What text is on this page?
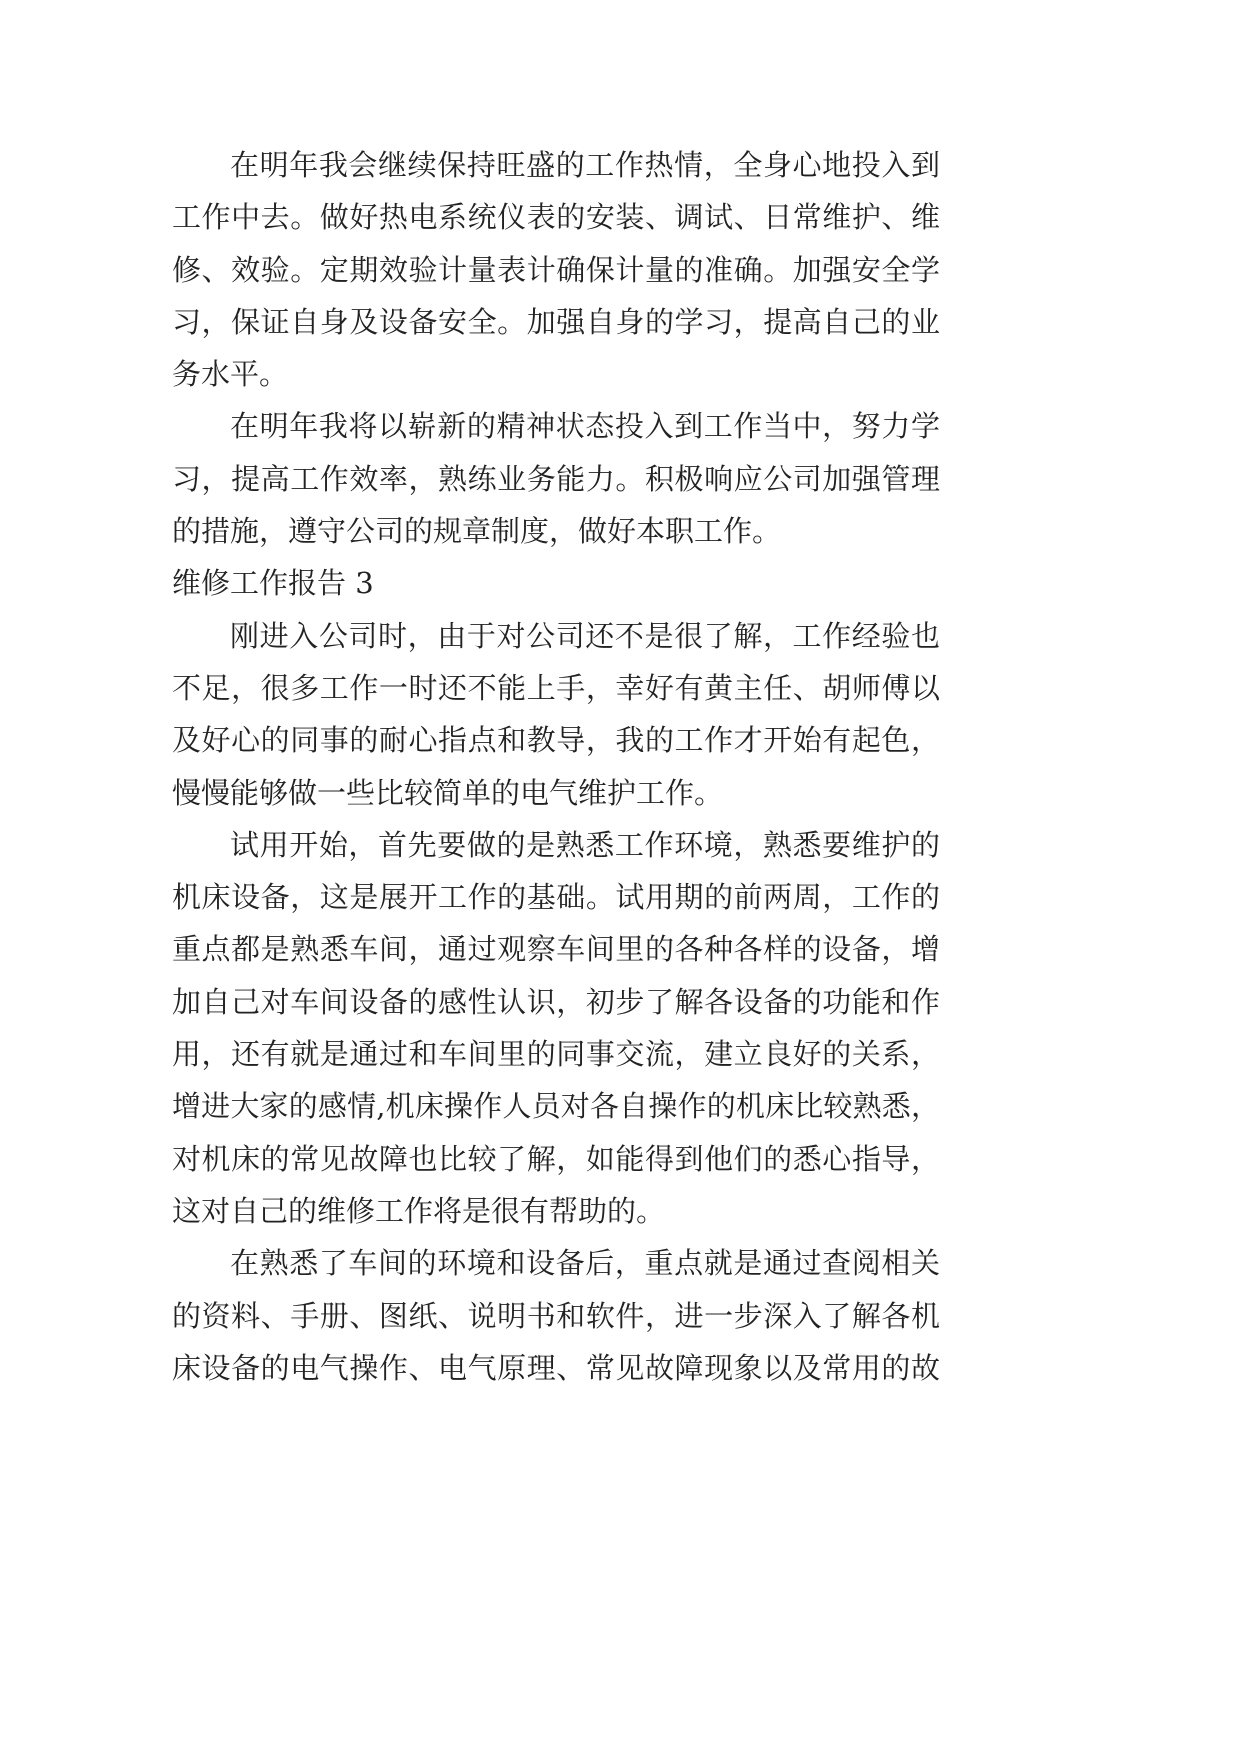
在明年我会继续保持旺盛的工作热情，全身心地投入到
工作中去。做好热电系统仪表的安装、调试、日常维护、维
修、效验。定期效验计量表计确保计量的准确。加强安全学
习，保证自身及设备安全。加强自身的学习，提高自己的业
务水平。
在明年我将以崭新的精神状态投入到工作当中，努力学
习，提高工作效率，熟练业务能力。积极响应公司加强管理
的措施，遵守公司的规章制度，做好本职工作。
维修工作报告 3
刚进入公司时，由于对公司还不是很了解，工作经验也
不足，很多工作一时还不能上手，幸好有黄主任、胡师傅以
及好心的同事的耐心指点和教导，我的工作才开始有起色，
慢慢能够做一些比较简单的电气维护工作。
试用开始，首先要做的是熟悉工作环境，熟悉要维护的
机床设备，这是展开工作的基础。试用期的前两周，工作的
重点都是熟悉车间，通过观察车间里的各种各样的设备，增
加自己对车间设备的感性认识，初步了解各设备的功能和作
用，还有就是通过和车间里的同事交流，建立良好的关系，
增进大家的感情,机床操作人员对各自操作的机床比较熟悉，
对机床的常见故障也比较了解，如能得到他们的悉心指导，
这对自己的维修工作将是很有帮助的。
在熟悉了车间的环境和设备后，重点就是通过查阅相关
的资料、手册、图纸、说明书和软件，进一步深入了解各机
床设备的电气操作、电气原理、常见故障现象以及常用的故
